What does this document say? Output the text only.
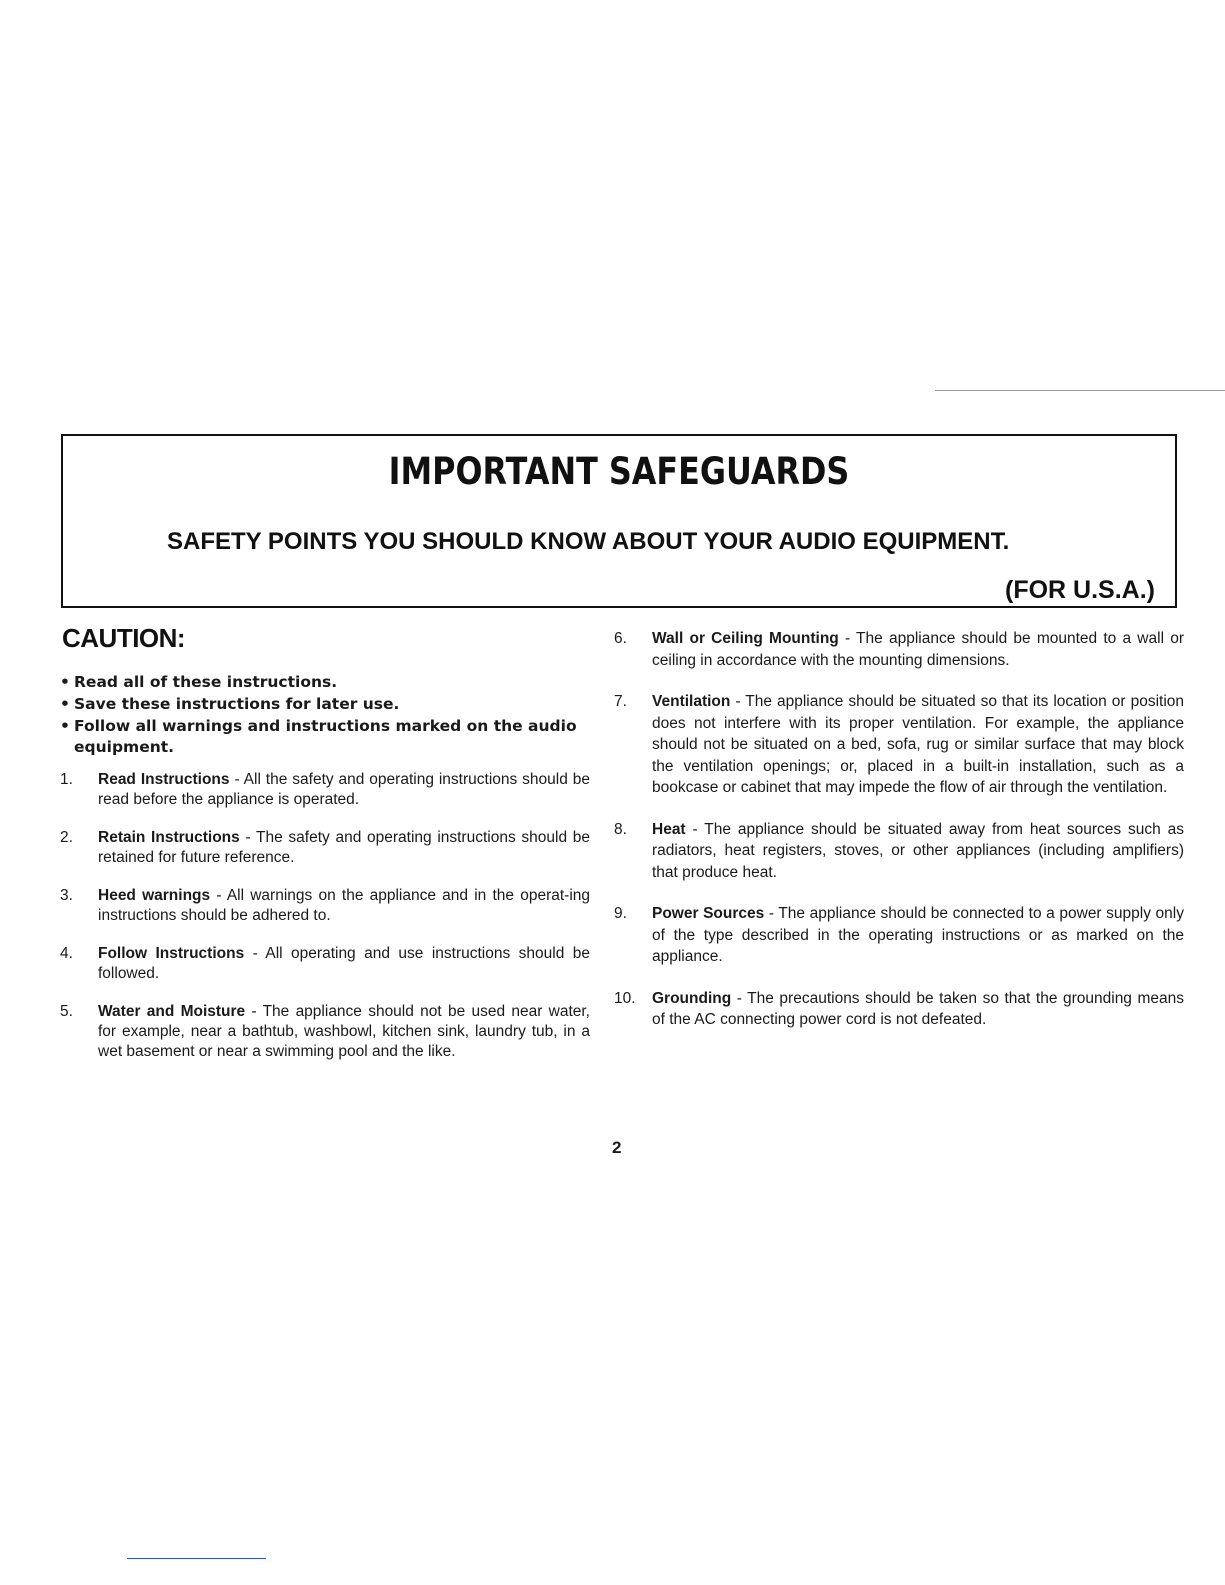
IMPORTANT SAFEGUARDS
SAFETY POINTS YOU SHOULD KNOW ABOUT YOUR AUDIO EQUIPMENT.
(FOR U.S.A.)
CAUTION:
• Read all of these instructions.
• Save these instructions for later use.
• Follow all warnings and instructions marked on the audio equipment.
1. Read Instructions - All the safety and operating instructions should be read before the appliance is operated.
2. Retain Instructions - The safety and operating instructions should be retained for future reference.
3. Heed warnings - All warnings on the appliance and in the operat-ing instructions should be adhered to.
4. Follow Instructions - All operating and use instructions should be followed.
5. Water and Moisture - The appliance should not be used near water, for example, near a bathtub, washbowl, kitchen sink, laundry tub, in a wet basement or near a swimming pool and the like.
6. Wall or Ceiling Mounting - The appliance should be mounted to a wall or ceiling in accordance with the mounting dimensions.
7. Ventilation - The appliance should be situated so that its location or position does not interfere with its proper ventilation. For example, the appliance should not be situated on a bed, sofa, rug or similar surface that may block the ventilation openings; or, placed in a built-in installation, such as a bookcase or cabinet that may impede the flow of air through the ventilation.
8. Heat - The appliance should be situated away from heat sources such as radiators, heat registers, stoves, or other appliances (including amplifiers) that produce heat.
9. Power Sources - The appliance should be connected to a power supply only of the type described in the operating instructions or as marked on the appliance.
10. Grounding - The precautions should be taken so that the grounding means of the AC connecting power cord is not defeated.
2
